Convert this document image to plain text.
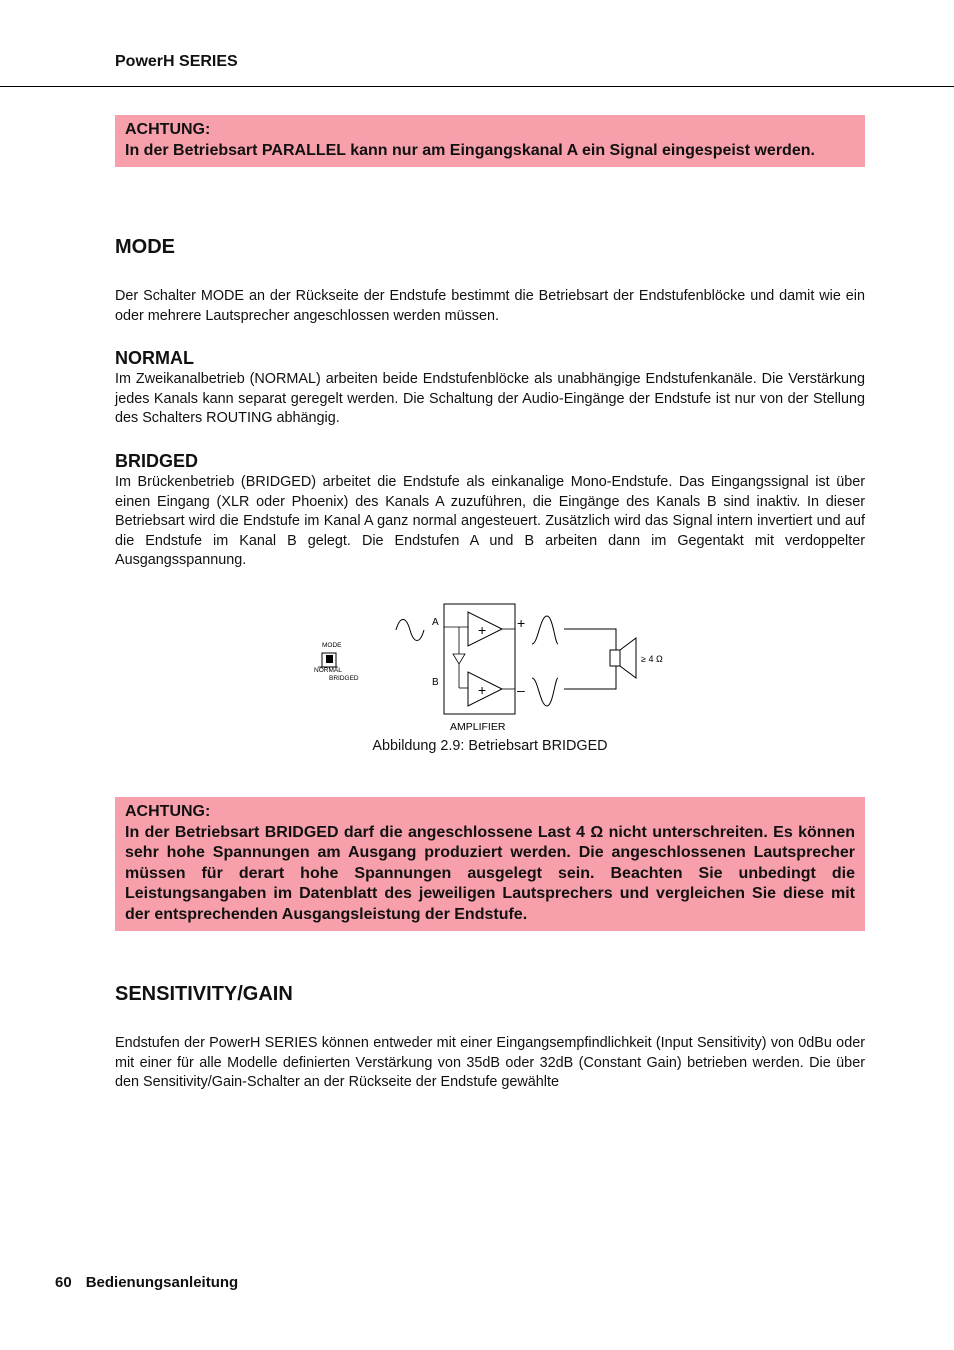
PowerH SERIES

ACHTUNG:

In der Betriebsart PARALLEL kann nur am Eingangskanal A ein Signal eingespeist werden.

MODE

Der Schalter MODE an der Rückseite der Endstufe bestimmt die Betriebsart der Endstufenblöcke und damit wie ein oder mehrere Lautsprecher angeschlossen werden müssen.

NORMAL

Im Zweikanalbetrieb (NORMAL) arbeiten beide Endstufenblöcke als unabhängige Endstufenkanäle. Die Verstärkung jedes Kanals kann separat geregelt werden. Die Schaltung der Audio-Eingänge der Endstufe ist nur von der Stellung des Schalters ROUTING abhängig.

BRIDGED

Im Brückenbetrieb (BRIDGED) arbeitet die Endstufe als einkanalige Mono-Endstufe. Das Eingangssignal ist über einen Eingang (XLR oder Phoenix) des Kanals A zuzuführen, die Eingänge des Kanals B sind inaktiv. In dieser Betriebsart wird die Endstufe im Kanal A ganz normal angesteuert. Zusätzlich wird das Signal intern invertiert und auf die Endstufe im Kanal B gelegt. Die Endstufen A und B arbeiten dann im Gegentakt mit verdoppelter Ausgangsspannung.

MODE
NORMAL
BRIDGED
A
B
+
+
+
–
≥ 4 Ω
AMPLIFIER
Abbildung 2.9: Betriebsart BRIDGED

ACHTUNG:

In der Betriebsart BRIDGED darf die angeschlossene Last 4 Ω nicht unterschreiten. Es können sehr hohe Spannungen am Ausgang produziert werden. Die angeschlossenen Lautsprecher müssen für derart hohe Spannungen ausgelegt sein. Beachten Sie unbedingt die Leistungsangaben im Datenblatt des jeweiligen Lautsprechers und vergleichen Sie diese mit der entsprechenden Ausgangsleistung der Endstufe.

SENSITIVITY/GAIN

Endstufen der PowerH SERIES können entweder mit einer Eingangsempfindlichkeit (Input Sensitivity) von 0dBu oder mit einer für alle Modelle definierten Verstärkung von 35dB oder 32dB (Constant Gain) betrieben werden. Die über den Sensitivity/Gain-Schalter an der Rückseite der Endstufe gewählte

60 Bedienungsanleitung
